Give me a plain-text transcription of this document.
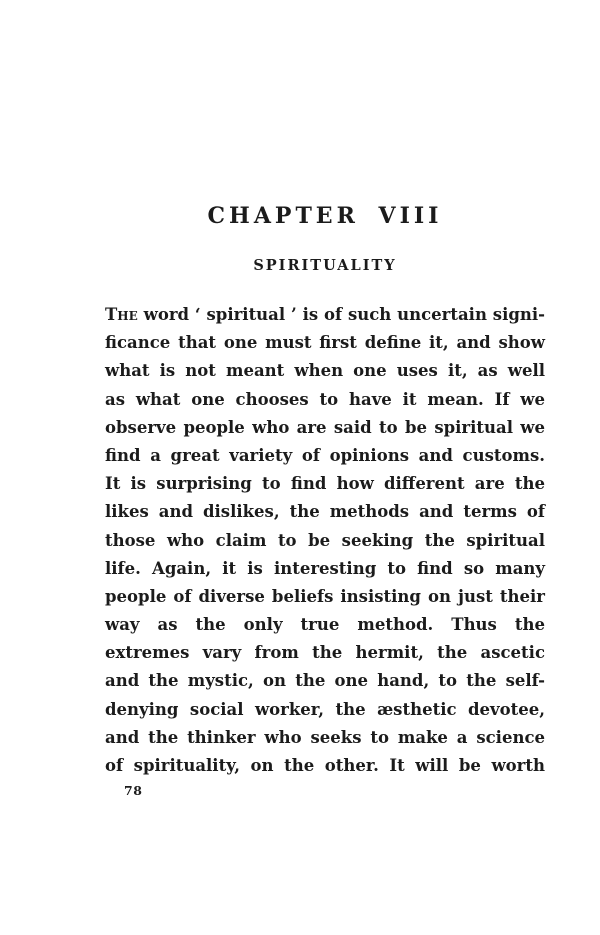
CHAPTER VIII
SPIRITUALITY
The word ‘ spiritual ’ is of such uncertain signi-
ficance that one must first define it, and show
what is not meant when one uses it, as well
as what one chooses to have it mean. If we
observe people who are said to be spiritual we
find a great variety of opinions and customs.
It is surprising to find how different are the
likes and dislikes, the methods and terms of
those who claim to be seeking the spiritual
life. Again, it is interesting to find so many
people of diverse beliefs insisting on just their
way as the only true method. Thus the
extremes vary from the hermit, the ascetic
and the mystic, on the one hand, to the self-
denying social worker, the æsthetic devotee,
and the thinker who seeks to make a science
of spirituality, on the other. It will be worth
78
